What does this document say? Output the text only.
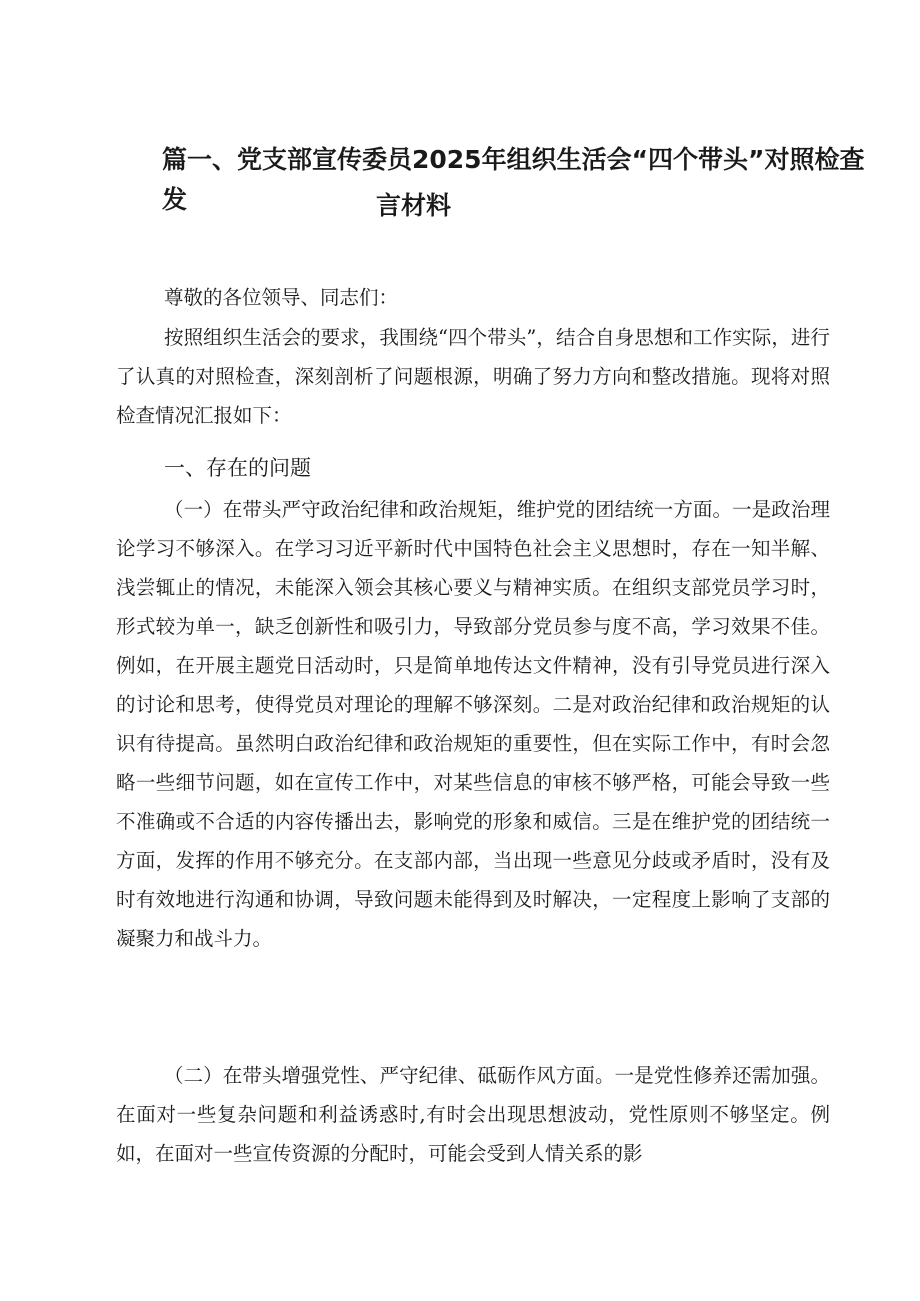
篇一、党支部宣传委员2025年组织生活会“四个带头”对照检查发	言材料
尊敬的各位领导、同志们：
按照组织生活会的要求，我围绕“四个带头”，结合自身思想和工作实际，进行了认真的对照检查，深刻剖析了问题根源，明确了努力方向和整改措施。现将对照检查情况汇报如下：
一、存在的问题
（一）在带头严守政治纪律和政治规矩，维护党的团结统一方面。一是政治理论学习不够深入。在学习习近平新时代中国特色社会主义思想时，存在一知半解、浅尝辄止的情况，未能深入领会其核心要义与精神实质。在组织支部党员学习时，形式较为单一，缺乏创新性和吸引力，导致部分党员参与度不高，学习效果不佳。例如，在开展主题党日活动时，只是简单地传达文件精神，没有引导党员进行深入的讨论和思考，使得党员对理论的理解不够深刻。二是对政治纪律和政治规矩的认识有待提高。虽然明白政治纪律和政治规矩的重要性，但在实际工作中，有时会忽略一些细节问题，如在宣传工作中，对某些信息的审核不够严格，可能会导致一些不准确或不合适的内容传播出去，影响党的形象和威信。三是在维护党的团结统一方面，发挥的作用不够充分。在支部内部，当出现一些意见分歧或矛盾时，没有及时有效地进行沟通和协调，导致问题未能得到及时解决，一定程度上影响了支部的凝聚力和战斗力。
（二）在带头增强党性、严守纪律、砥砺作风方面。一是党性修养还需加强。在面对一些复杂问题和利益诱惑时,有时会出现思想波动，党性原则不够坚定。例如，在面对一些宣传资源的分配时，可能会受到人情关系的影
